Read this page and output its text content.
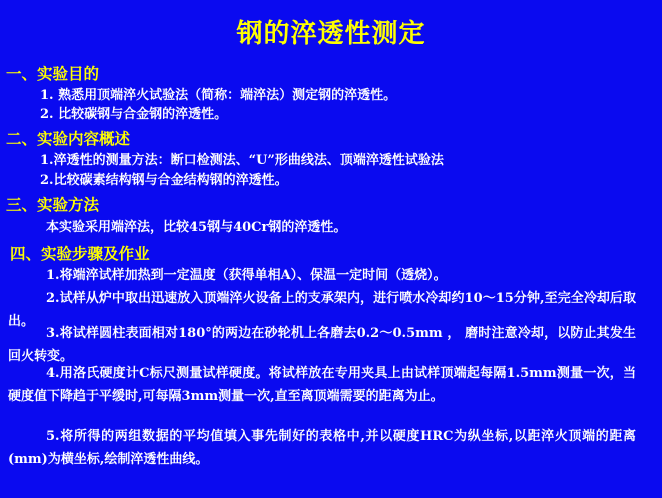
钢的淬透性测定
一、实验目的
1. 熟悉用顶端淬火试验法（简称：端淬法）测定钢的淬透性。
2. 比较碳钢与合金钢的淬透性。
二、实验内容概述
1.淬透性的测量方法：断口检测法、“U”形曲线法、顶端淬透性试验法
2.比较碳素结构钢与合金结构钢的淬透性。
三、实验方法
本实验采用端淬法，比较45钢与40Cr钢的淬透性。
四、实验步骤及作业
1.将端淬试样加热到一定温度（获得单相A）、保温一定时间（透烧）。
2.试样从炉中取出迅速放入顶端淬火设备上的支承架内，进行喷水冷却约10～15分钟,至完全冷却后取出。
3.将试样圆柱表面相对180°的两边在砂轮机上各磨去0.2～0.5mm ， 磨时注意冷却，以防止其发生回火转变。
4.用洛氏硬度计C标尺测量试样硬度。将试样放在专用夹具上由试样顶端起每隔1.5mm测量一次，当硬度值下降趋于平缓时,可每隔3mm测量一次,直至离顶端需要的距离为止。
5.将所得的两组数据的平均值填入事先制好的表格中,并以硬度HRC为纵坐标,以距淬火顶端的距离 (mm)为横坐标,绘制淬透性曲线。
